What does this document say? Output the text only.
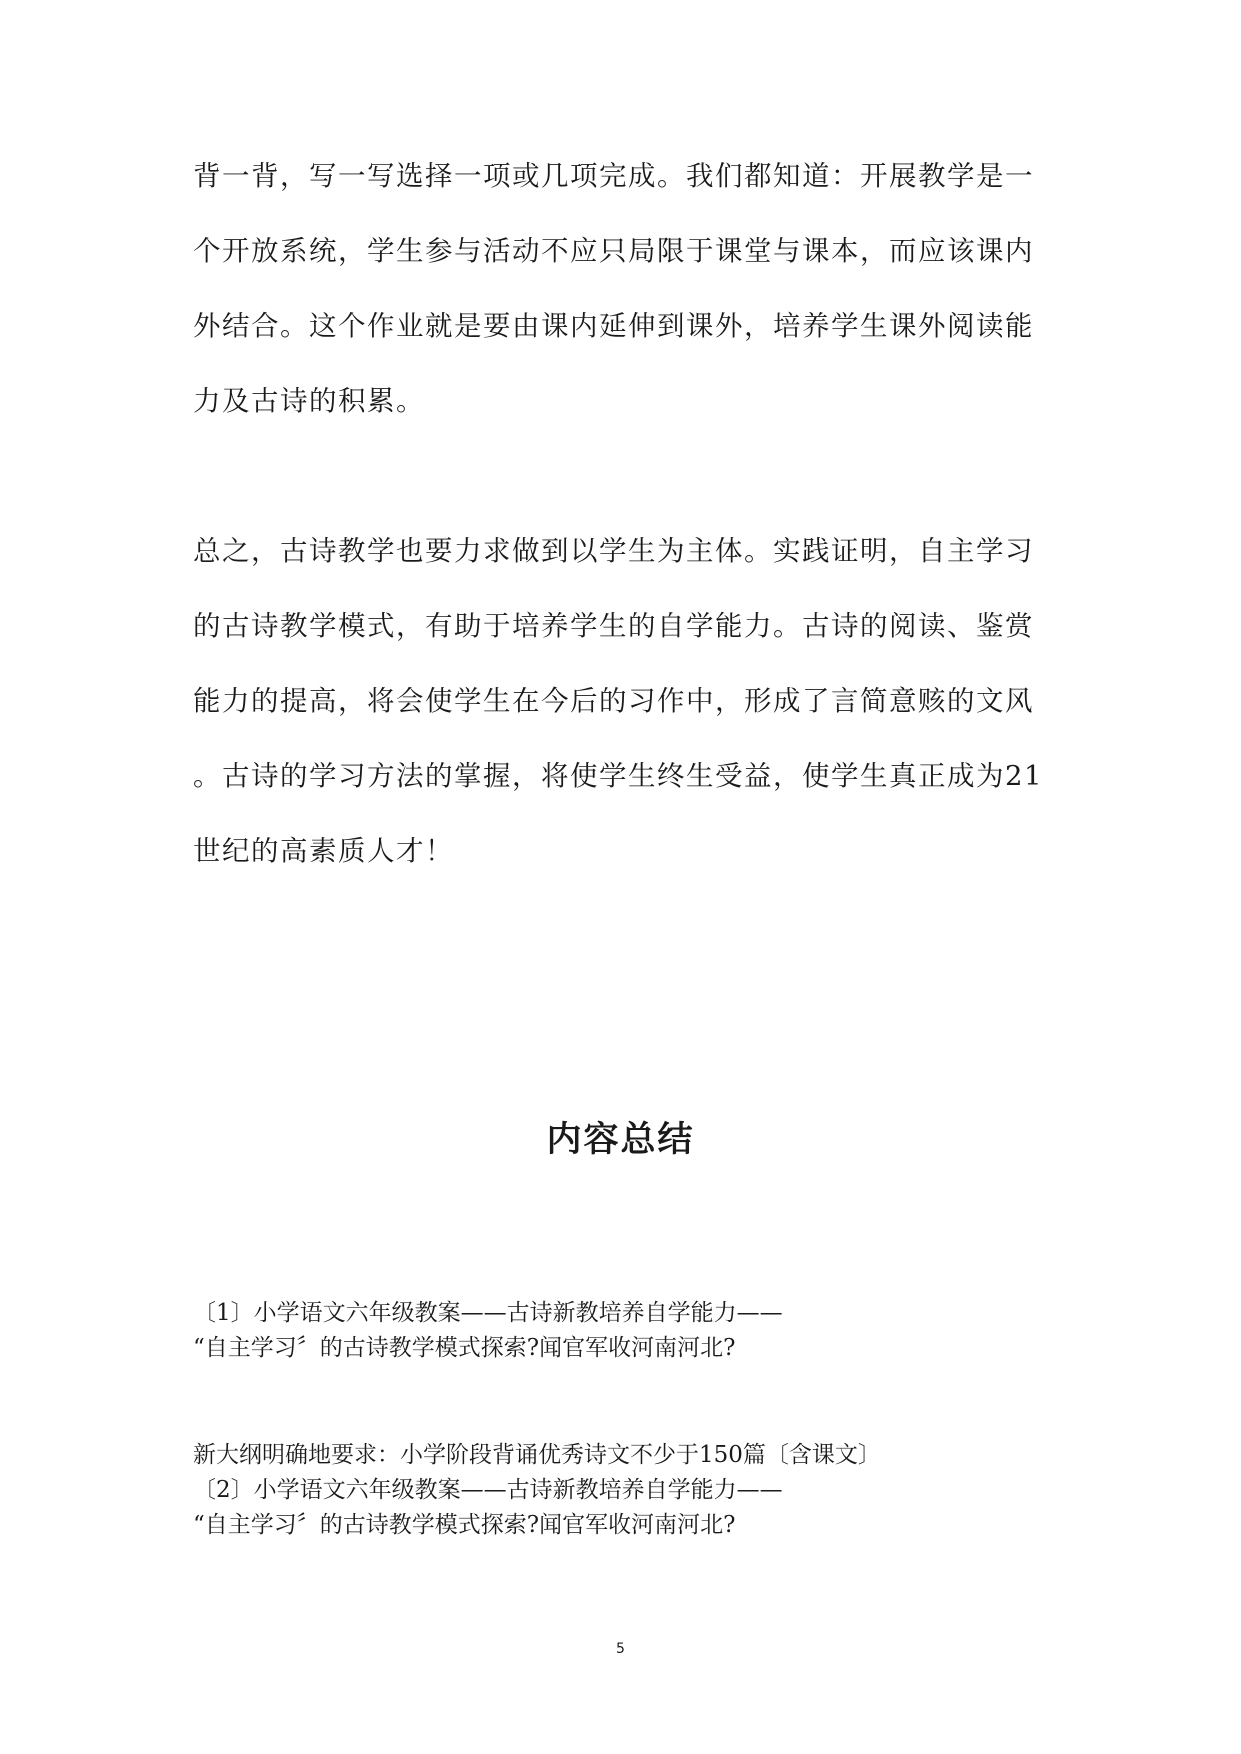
背一背，写一写选择一项或几项完成。我们都知道：开展教学是一

个开放系统，学生参与活动不应只局限于课堂与课本，而应该课内

外结合。这个作业就是要由课内延伸到课外，培养学生课外阅读能

力及古诗的积累。

总之，古诗教学也要力求做到以学生为主体。实践证明，自主学习

的古诗教学模式，有助于培养学生的自学能力。古诗的阅读、鉴赏

能力的提高，将会使学生在今后的习作中，形成了言简意赅的文风

。古诗的学习方法的掌握，将使学生终生受益，使学生真正成为21

世纪的高素质人才！

内容总结

〔1〕小学语文六年级教案——古诗新教培养自学能力——

“自主学习〞的古诗教学模式探索?闻官军收河南河北?

新大纲明确地要求：小学阶段背诵优秀诗文不少于150篇〔含课文〕

〔2〕小学语文六年级教案——古诗新教培养自学能力——

“自主学习〞的古诗教学模式探索?闻官军收河南河北?

5
